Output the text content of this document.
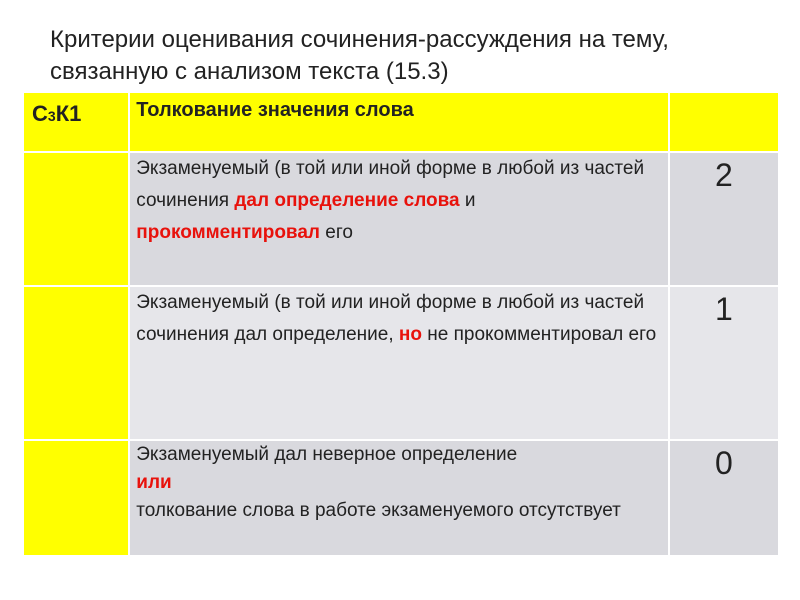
Критерии оценивания сочинения-рассуждения на тему, связанную с анализом текста (15.3)
С3К1	Толкование значения слова	
	Экзаменуемый (в той или иной форме в любой из частей сочинения дал определение слова и прокомментировал его	2
	Экзаменуемый (в той или иной форме в любой из частей сочинения дал определение, но не прокомментировал его	1

	Экзаменуемый дал неверное определение
или
толкование слова в работе экзаменуемого отсутствует	0
